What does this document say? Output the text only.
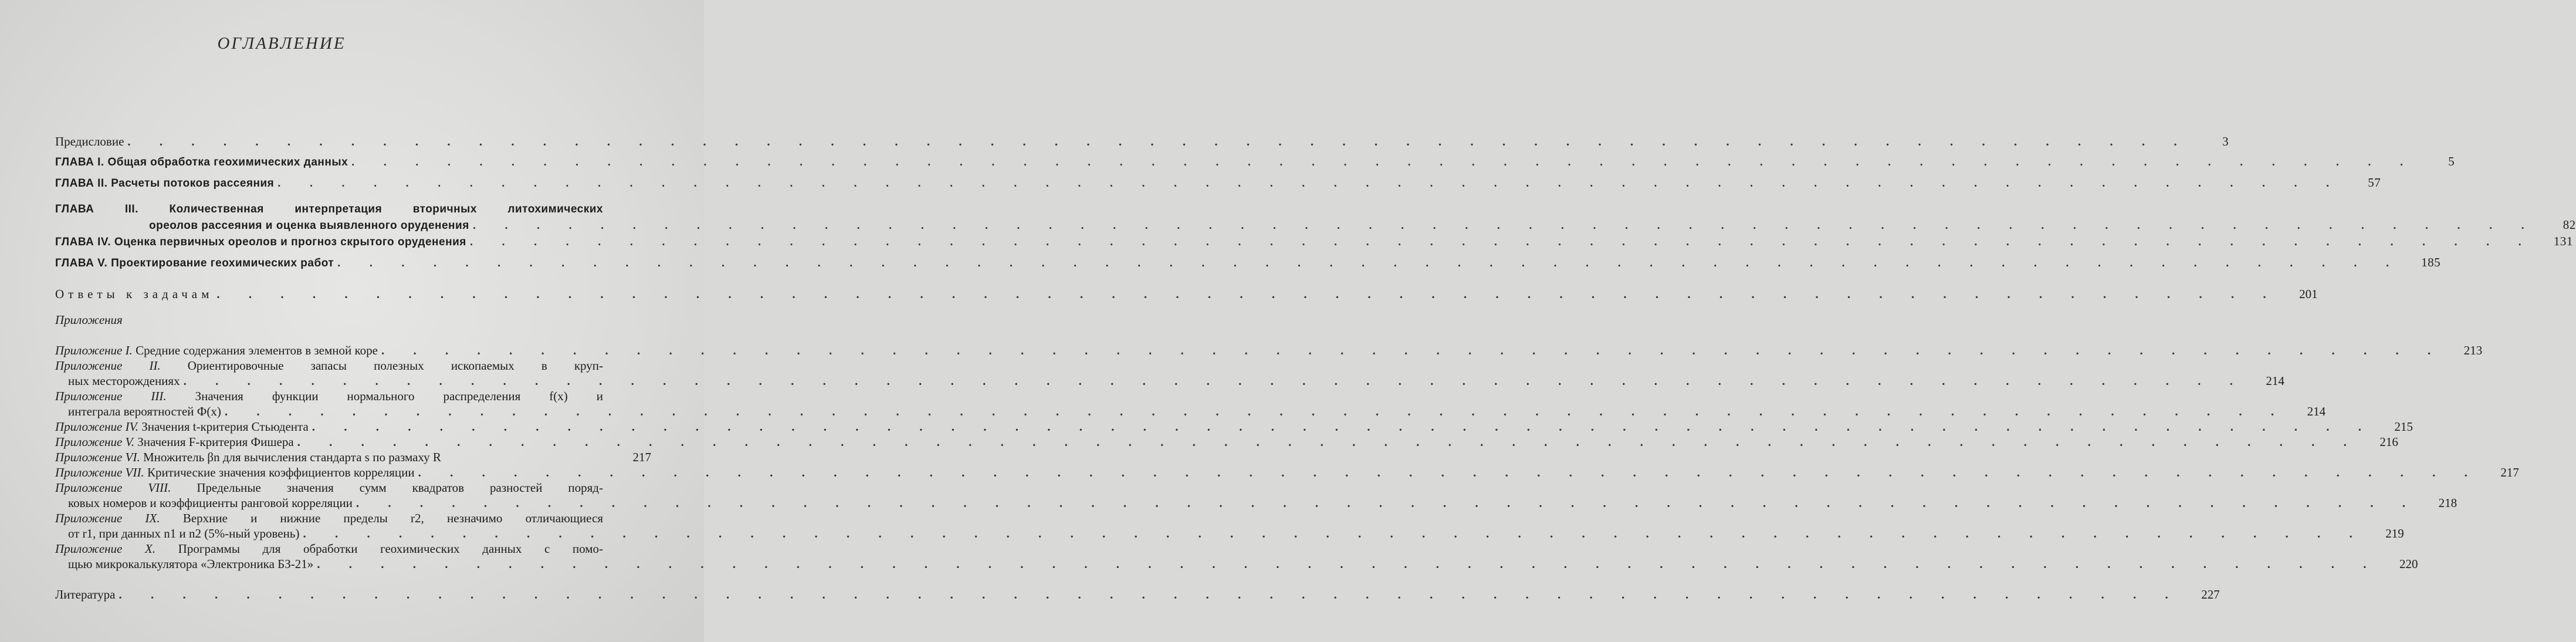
ОГЛАВЛЕНИЕ
Предисловие . . . . . . . . . . . . . . . . . . . . . . . . . . . . . . . . . . . . . . . . . . . . . . . . . . . . . . . . . . . . . . . . .	3
ГЛАВА I. Общая обработка геохимических данных . . . . . . . . . . . . . . . . . . . . . . . . . . . . . . . . . . . . . . . . . . . . . . . . . . . . . . . . . . . . . . . . .	5
ГЛАВА II. Расчеты потоков рассеяния . . . . . . . . . . . . . . . . . . . . . . . . . . . . . . . . . . . . . . . . . . . . . . . . . . . . . . . . . . . . . . . . .	57
ГЛАВА III.	Количественная интерпретация вторичных литохимических
ореолов рассеяния и оценка выявленного оруденения . . . . . . . . . . . . . . . . . . . . . . . . . . . . . . . . . . . . . . . . . . . . . . . . . . . . . . . . . . . . . . . . .	82
ГЛАВА IV. Оценка первичных ореолов и прогноз скрытого оруденения . . . . . . . . . . . . . . . . . . . . . . . . . . . . . . . . . . . . . . . . . . . . . . . . . . . . . . . . . . . . . . . . .	131
ГЛАВА V. Проектирование геохимических работ . . . . . . . . . . . . . . . . . . . . . . . . . . . . . . . . . . . . . . . . . . . . . . . . . . . . . . . . . . . . . . . . .	185
Ответы к задачам . . . . . . . . . . . . . . . . . . . . . . . . . . . . . . . . . . . . . . . . . . . . . . . . . . . . . . . . . . . . . . . . .	201
Приложения
Приложение I. Средние содержания элементов в земной коре . . . . . . . . . . . . . . . . . . . . . . . . . . . . . . . . . . . . . . . . . . . . . . . . . . . . . . . . . . . . . . . . .	213
Приложение II. Ориентировочные запасы полезных ископаемых в круп-
ных месторождениях . . . . . . . . . . . . . . . . . . . . . . . . . . . . . . . . . . . . . . . . . . . . . . . . . . . . . . . . . . . . . . . . .	214
Приложение III. Значения функции нормального распределения f(x) и
интеграла вероятностей Ф(x) . . . . . . . . . . . . . . . . . . . . . . . . . . . . . . . . . . . . . . . . . . . . . . . . . . . . . . . . . . . . . . . . .	214
Приложение IV. Значения t-критерия Стьюдента . . . . . . . . . . . . . . . . . . . . . . . . . . . . . . . . . . . . . . . . . . . . . . . . . . . . . . . . . . . . . . . . .	215
Приложение V. Значения F-критерия Фишера . . . . . . . . . . . . . . . . . . . . . . . . . . . . . . . . . . . . . . . . . . . . . . . . . . . . . . . . . . . . . . . . .	216
Приложение VI. Множитель βn для вычисления стандарта s по размаху R	217
Приложение VII. Критические значения коэффициентов корреляции . . . . . . . . . . . . . . . . . . . . . . . . . . . . . . . . . . . . . . . . . . . . . . . . . . . . . . . . . . . . . . . . .	217
Приложение VIII. Предельные значения сумм квадратов разностей поряд-
ковых номеров и коэффициенты ранговой корреляции . . . . . . . . . . . . . . . . . . . . . . . . . . . . . . . . . . . . . . . . . . . . . . . . . . . . . . . . . . . . . . . . .	218
Приложение IX. Верхние и нижние пределы r2, незначимо отличающиеся
от r1, при данных n1 и n2 (5%-ный уровень) . . . . . . . . . . . . . . . . . . . . . . . . . . . . . . . . . . . . . . . . . . . . . . . . . . . . . . . . . . . . . . . . .	219
Приложение X. Программы для обработки геохимических данных с помо-
щью микрокалькулятора «Электроника БЗ-21» . . . . . . . . . . . . . . . . . . . . . . . . . . . . . . . . . . . . . . . . . . . . . . . . . . . . . . . . . . . . . . . . .	220
Литература . . . . . . . . . . . . . . . . . . . . . . . . . . . . . . . . . . . . . . . . . . . . . . . . . . . . . . . . . . . . . . . . .	227
